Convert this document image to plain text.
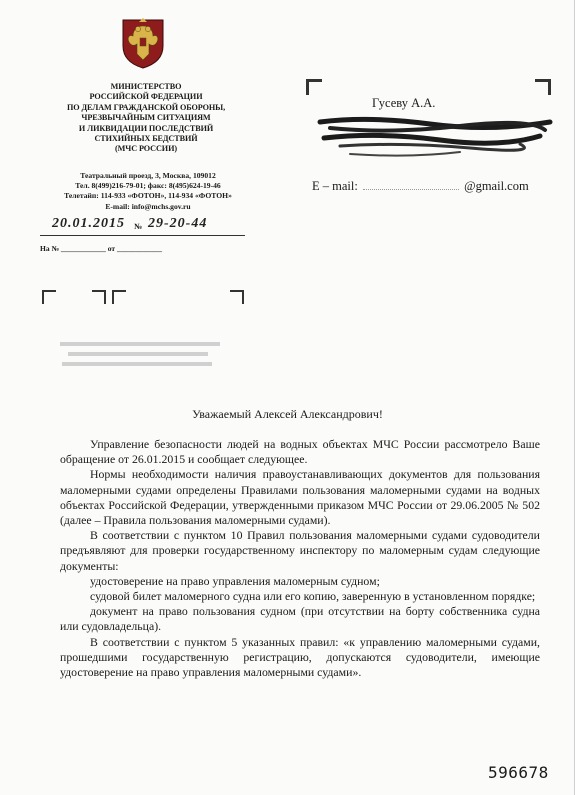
МИНИСТЕРСТВО
РОССИЙСКОЙ ФЕДЕРАЦИИ
ПО ДЕЛАМ ГРАЖДАНСКОЙ ОБОРОНЫ,
ЧРЕЗВЫЧАЙНЫМ СИТУАЦИЯМ
И ЛИКВИДАЦИИ ПОСЛЕДСТВИЙ
СТИХИЙНЫХ БЕДСТВИЙ
(МЧС РОССИИ)
Театральный проезд, 3, Москва, 109012
Тел. 8(499)216-79-01; факс: 8(495)624-19-46
Телетайп: 114-933 «ФОТОН», 114-934 «ФОТОН»
E-mail: info@mchs.gov.ru
20.01.2015 № 29-20-44
На № ____________ от ____________
Гусеву А.А.
E – mail:	@gmail.com
Уважаемый Алексей Александрович!

Управление безопасности людей на водных объектах МЧС России рассмотрело Ваше обращение от 26.01.2015 и сообщает следующее.

Нормы необходимости наличия правоустанавливающих документов для пользования маломерными судами определены Правилами пользования маломерными судами на водных объектах Российской Федерации, утвержденными приказом МЧС России от 29.06.2005 № 502 (далее – Правила пользования маломерными судами).

В соответствии с пунктом 10 Правил пользования маломерными судами судоводители предъявляют для проверки государственному инспектору по маломерным судам следующие документы:

удостоверение на право управления маломерным судном;

судовой билет маломерного судна или его копию, заверенную в установленном порядке;

документ на право пользования судном (при отсутствии на борту собственника судна или судовладельца).

В соответствии с пунктом 5 указанных правил: «к управлению маломерными судами, прошедшими государственную регистрацию, допускаются судоводители, имеющие удостоверение на право управления маломерными судами».

596678
